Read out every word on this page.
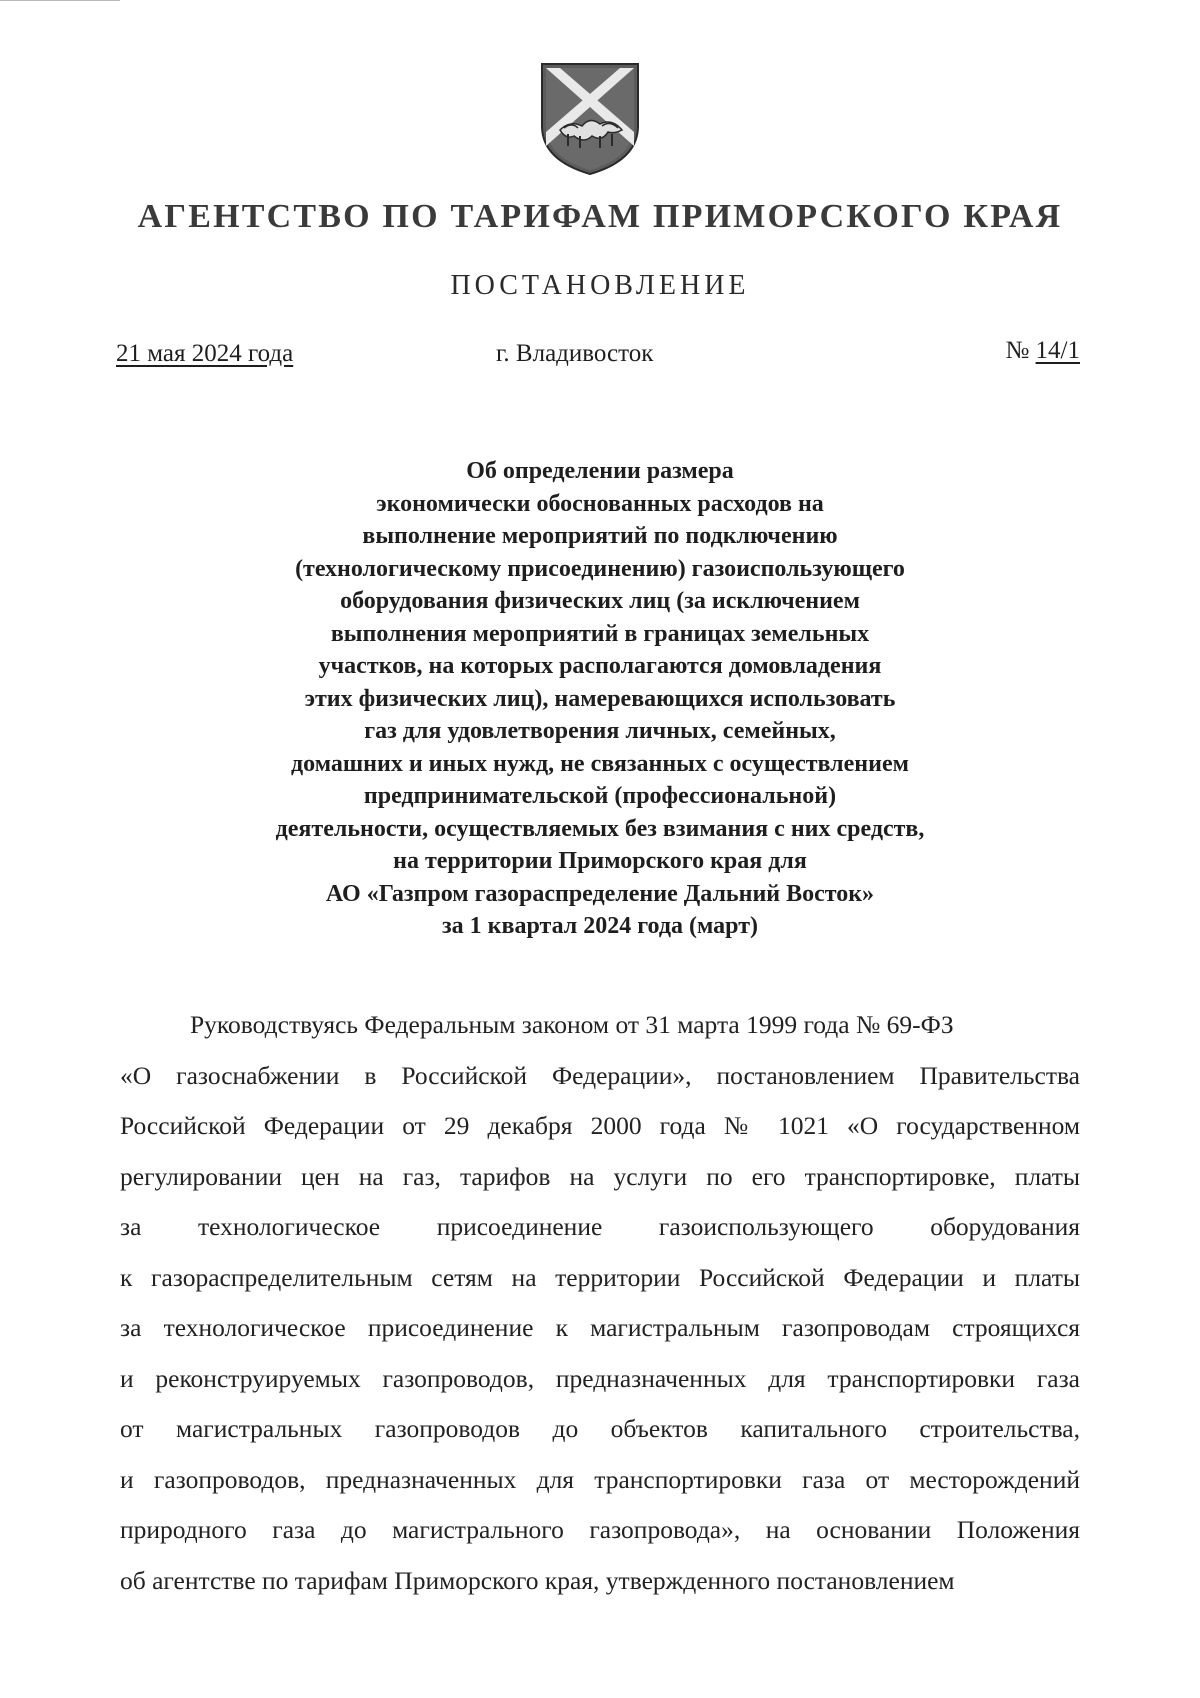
АГЕНТСТВО ПО ТАРИФАМ ПРИМОРСКОГО КРАЯ
ПОСТАНОВЛЕНИЕ
21 мая 2024 года	г. Владивосток	№ 14/1
Об определении размера
экономически обоснованных расходов на
выполнение мероприятий по подключению
(технологическому присоединению) газоиспользующего
оборудования физических лиц (за исключением
выполнения мероприятий в границах земельных
участков, на которых располагаются домовладения
этих физических лиц), намеревающихся использовать
газ для удовлетворения личных, семейных,
домашних и иных нужд, не связанных с осуществлением
предпринимательской (профессиональной)
деятельности, осуществляемых без взимания с них средств,
на территории Приморского края для
АО «Газпром газораспределение Дальний Восток»
за 1 квартал 2024 года (март)
Руководствуясь Федеральным законом от 31 марта 1999 года № 69-ФЗ
«О газоснабжении в Российской Федерации», постановлением Правительства
Российской Федерации от 29 декабря 2000 года № 1021 «О государственном
регулировании цен на газ, тарифов на услуги по его транспортировке, платы
за технологическое присоединение газоиспользующего оборудования
к газораспределительным сетям на территории Российской Федерации и платы
за технологическое присоединение к магистральным газопроводам строящихся
и реконструируемых газопроводов, предназначенных для транспортировки газа
от магистральных газопроводов до объектов капитального строительства,
и газопроводов, предназначенных для транспортировки газа от месторождений
природного газа до магистрального газопровода», на основании Положения
об агентстве по тарифам Приморского края, утвержденного постановлением
